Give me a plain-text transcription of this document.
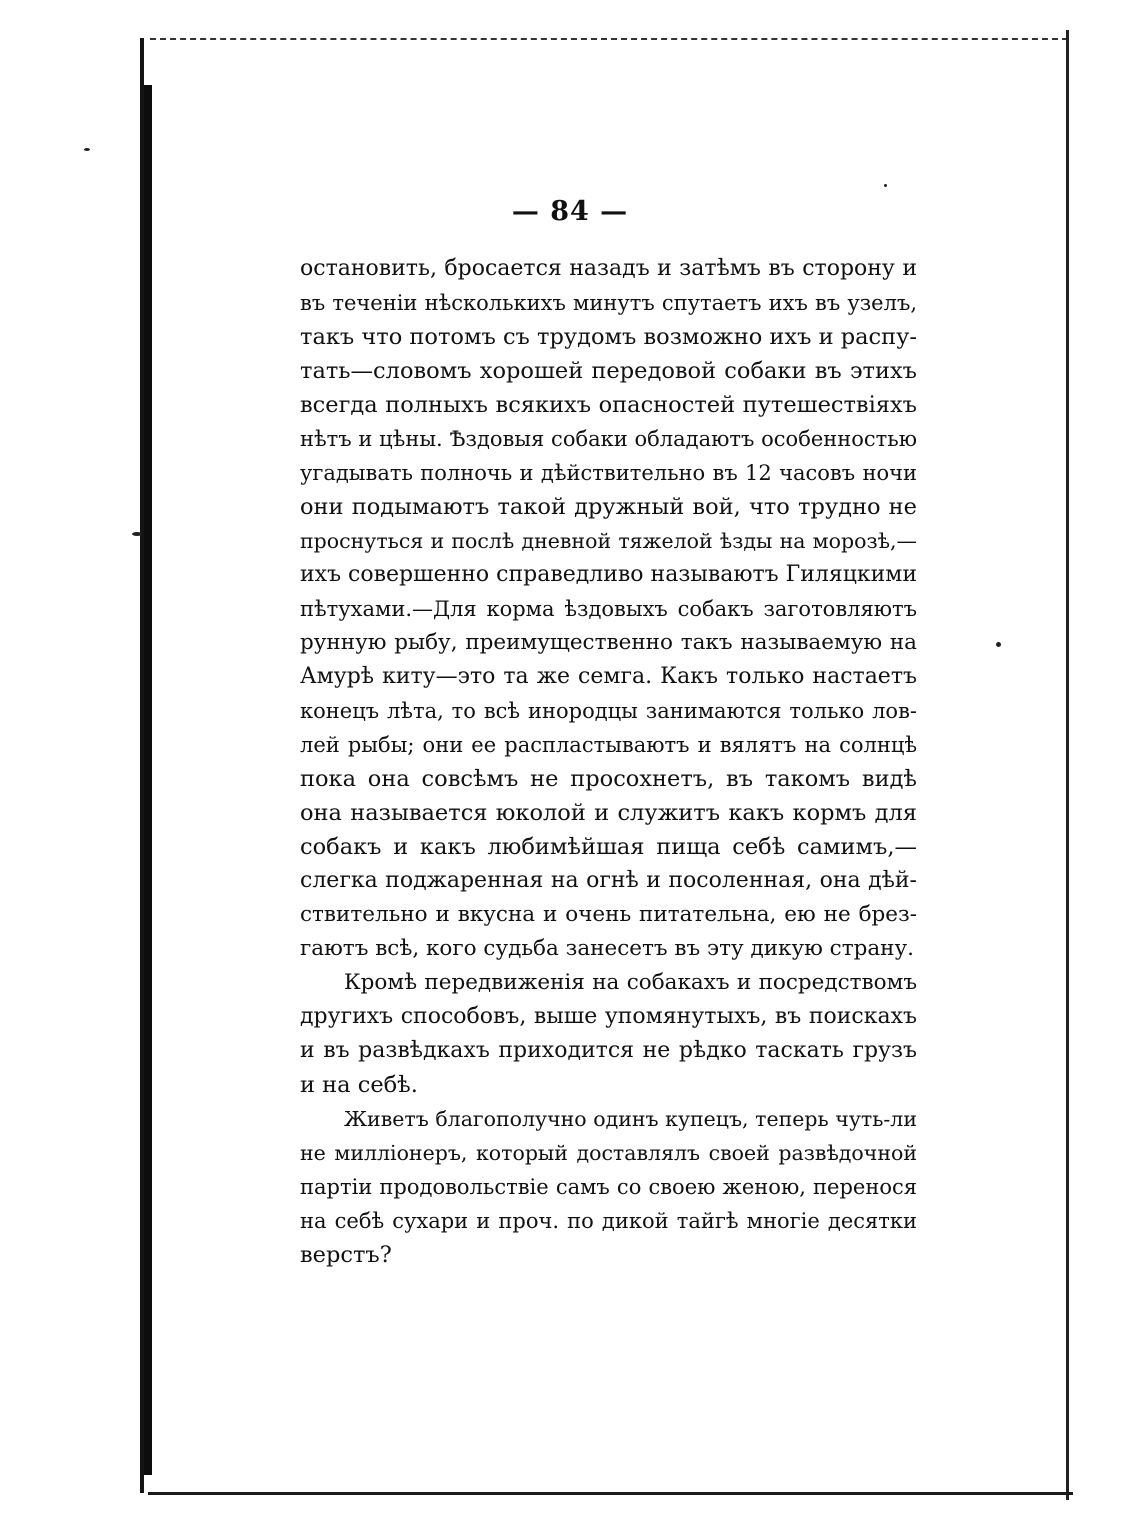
— 84 —
остановить, бросается назадъ и затѣмъ въ сторону и
въ теченіи нѣсколькихъ минутъ спутаетъ ихъ въ узелъ,
такъ что потомъ съ трудомъ возможно ихъ и распу-
тать—словомъ хорошей передовой собаки въ этихъ
всегда полныхъ всякихъ опасностей путешествіяхъ
нѣтъ и цѣны. Ѣздовыя собаки обладаютъ особенностью
угадывать полночь и дѣйствительно въ 12 часовъ ночи
они подымаютъ такой дружный вой, что трудно не
проснуться и послѣ дневной тяжелой ѣзды на морозѣ,—
ихъ совершенно справедливо называютъ Гиляцкими
пѣтухами.—Для корма ѣздовыхъ собакъ заготовляютъ
рунную рыбу, преимущественно такъ называемую на
Амурѣ киту—это та же семга. Какъ только настаетъ
конецъ лѣта, то всѣ инородцы занимаются только лов-
лей рыбы; они ее распластываютъ и вялятъ на солнцѣ
пока она совсѣмъ не просохнетъ, въ такомъ видѣ
она называется юколой и служитъ какъ кормъ для
собакъ и какъ любимѣйшая пища себѣ самимъ,—
слегка поджаренная на огнѣ и посоленная, она дѣй-
ствительно и вкусна и очень питательна, ею не брез-
гаютъ всѣ, кого судьба занесетъ въ эту дикую страну.
Кромѣ передвиженія на собакахъ и посредствомъ
другихъ способовъ, выше упомянутыхъ, въ поискахъ
и въ развѣдкахъ приходится не рѣдко таскать грузъ
и на себѣ.
Живетъ благополучно одинъ купецъ, теперь чуть-ли
не милліонеръ, который доставлялъ своей развѣдочной
партіи продовольствіе самъ со своею женою, перенося
на себѣ сухари и проч. по дикой тайгѣ многіе десятки
верстъ?
